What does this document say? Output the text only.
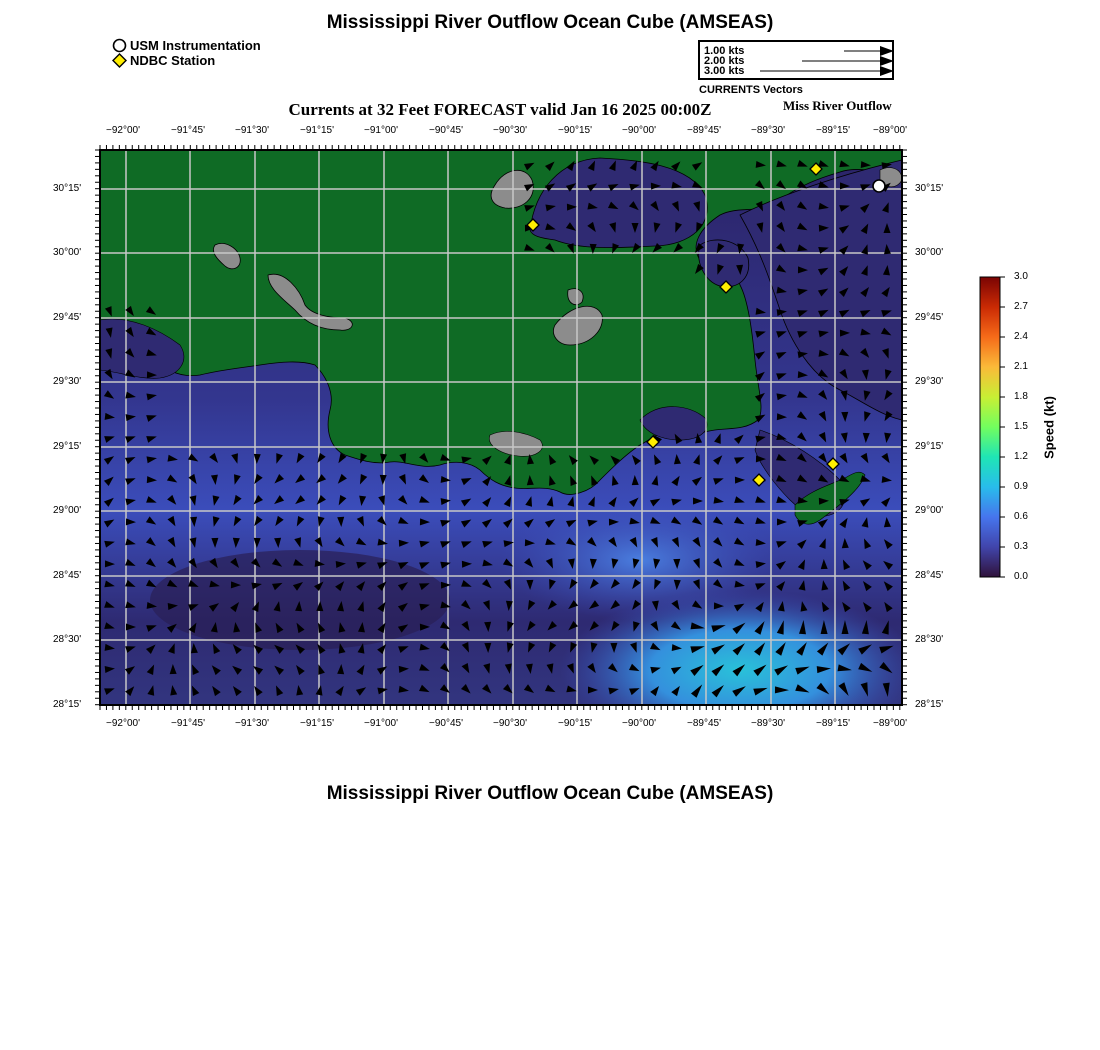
Mississippi River Outflow Ocean Cube (AMSEAS)
Mississippi River Outflow Ocean Cube (AMSEAS)
USM Instrumentation
NDBC Station
1.00 kts
2.00 kts
3.00 kts
CURRENTS Vectors
Currents at 32 Feet FORECAST valid Jan 16 2025 00:00Z	Miss River Outflow
−92°00'	−91°45'	−91°30'	−91°15'	−91°00'	−90°45'	−90°30'	−90°15'	−90°00'	−89°45'	−89°30'	−89°15' −89°00'
−92°00'	−91°45'	−91°30'	−91°15'	−91°00'	−90°45'	−90°30'	−90°15'	−90°00'	−89°45'	−89°30'	−89°15' −89°00'
30°15'
30°00'
29°45'
29°30'
29°15'
29°00'
28°45'
28°30'
28°15'
30°15'
30°00'
29°45'
29°30'
29°15'
29°00'
28°45'
28°30'
28°15'
3.0
2.7
2.4
2.1
1.8
1.5
1.2
0.9
0.6
0.3
0.0
Speed (kt)
